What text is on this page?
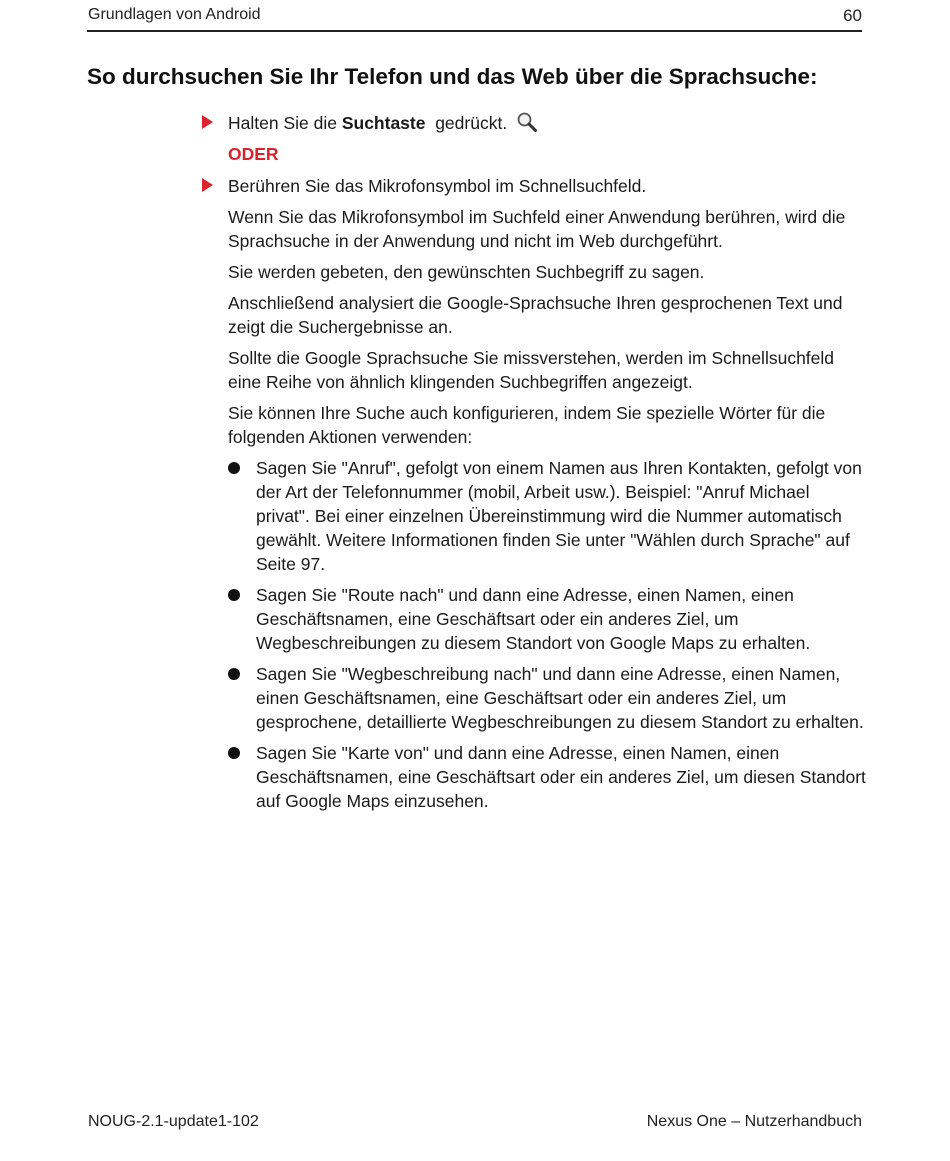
Grundlagen von Android	60
So durchsuchen Sie Ihr Telefon und das Web über die Sprachsuche:
Halten Sie die Suchtaste  gedrückt.
ODER
Berühren Sie das Mikrofonsymbol im Schnellsuchfeld.

Wenn Sie das Mikrofonsymbol im Suchfeld einer Anwendung berühren, wird die Sprachsuche in der Anwendung und nicht im Web durchgeführt.

Sie werden gebeten, den gewünschten Suchbegriff zu sagen.

Anschließend analysiert die Google-Sprachsuche Ihren gesprochenen Text und zeigt die Suchergebnisse an.

Sollte die Google Sprachsuche Sie missverstehen, werden im Schnellsuchfeld eine Reihe von ähnlich klingenden Suchbegriffen angezeigt.

Sie können Ihre Suche auch konfigurieren, indem Sie spezielle Wörter für die folgenden Aktionen verwenden:

Sagen Sie "Anruf", gefolgt von einem Namen aus Ihren Kontakten, gefolgt von der Art der Telefonnummer (mobil, Arbeit usw.). Beispiel: "Anruf Michael privat". Bei einer einzelnen Übereinstimmung wird die Nummer automatisch gewählt. Weitere Informationen finden Sie unter "Wählen durch Sprache" auf Seite 97.
Sagen Sie "Route nach" und dann eine Adresse, einen Namen, einen Geschäftsnamen, eine Geschäftsart oder ein anderes Ziel, um Wegbeschreibungen zu diesem Standort von Google Maps zu erhalten.
Sagen Sie "Wegbeschreibung nach" und dann eine Adresse, einen Namen, einen Geschäftsnamen, eine Geschäftsart oder ein anderes Ziel, um gesprochene, detaillierte Wegbeschreibungen zu diesem Standort zu erhalten.
Sagen Sie "Karte von" und dann eine Adresse, einen Namen, einen Geschäftsnamen, eine Geschäftsart oder ein anderes Ziel, um diesen Standort auf Google Maps einzusehen.
NOUG-2.1-update1-102	Nexus One – Nutzerhandbuch
